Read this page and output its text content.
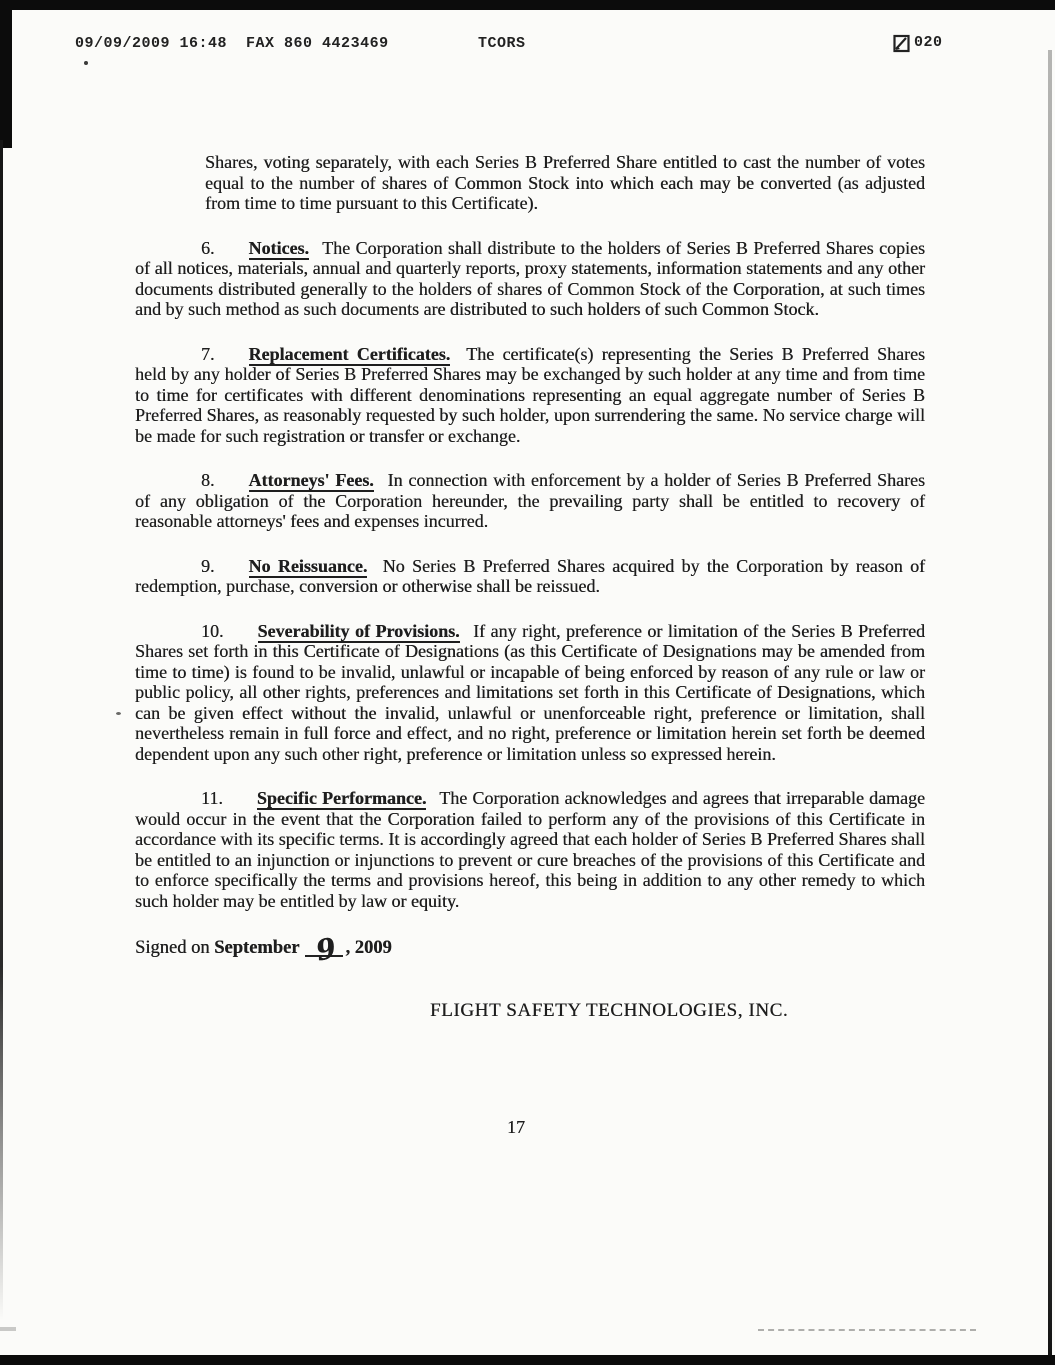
09/09/2009 16:48 FAX 860 4423469	TCORS	020

Shares, voting separately, with each Series B Preferred Share entitled to cast the number of votes equal to the number of shares of Common Stock into which each may be converted (as adjusted from time to time pursuant to this Certificate).

6. Notices. The Corporation shall distribute to the holders of Series B Preferred Shares copies of all notices, materials, annual and quarterly reports, proxy statements, information statements and any other documents distributed generally to the holders of shares of Common Stock of the Corporation, at such times and by such method as such documents are distributed to such holders of such Common Stock.

7. Replacement Certificates. The certificate(s) representing the Series B Preferred Shares held by any holder of Series B Preferred Shares may be exchanged by such holder at any time and from time to time for certificates with different denominations representing an equal aggregate number of Series B Preferred Shares, as reasonably requested by such holder, upon surrendering the same. No service charge will be made for such registration or transfer or exchange.

8. Attorneys' Fees. In connection with enforcement by a holder of Series B Preferred Shares of any obligation of the Corporation hereunder, the prevailing party shall be entitled to recovery of reasonable attorneys' fees and expenses incurred.

9. No Reissuance. No Series B Preferred Shares acquired by the Corporation by reason of redemption, purchase, conversion or otherwise shall be reissued.

10. Severability of Provisions. If any right, preference or limitation of the Series B Preferred Shares set forth in this Certificate of Designations (as this Certificate of Designations may be amended from time to time) is found to be invalid, unlawful or incapable of being enforced by reason of any rule or law or public policy, all other rights, preferences and limitations set forth in this Certificate of Designations, which can be given effect without the invalid, unlawful or unenforceable right, preference or limitation, shall nevertheless remain in full force and effect, and no right, preference or limitation herein set forth be deemed dependent upon any such other right, preference or limitation unless so expressed herein.

11. Specific Performance. The Corporation acknowledges and agrees that irreparable damage would occur in the event that the Corporation failed to perform any of the provisions of this Certificate in accordance with its specific terms. It is accordingly agreed that each holder of Series B Preferred Shares shall be entitled to an injunction or injunctions to prevent or cure breaches of the provisions of this Certificate and to enforce specifically the terms and provisions hereof, this being in addition to any other remedy to which such holder may be entitled by law or equity.

Signed on September 9 , 2009

FLIGHT SAFETY TECHNOLOGIES, INC.

17
